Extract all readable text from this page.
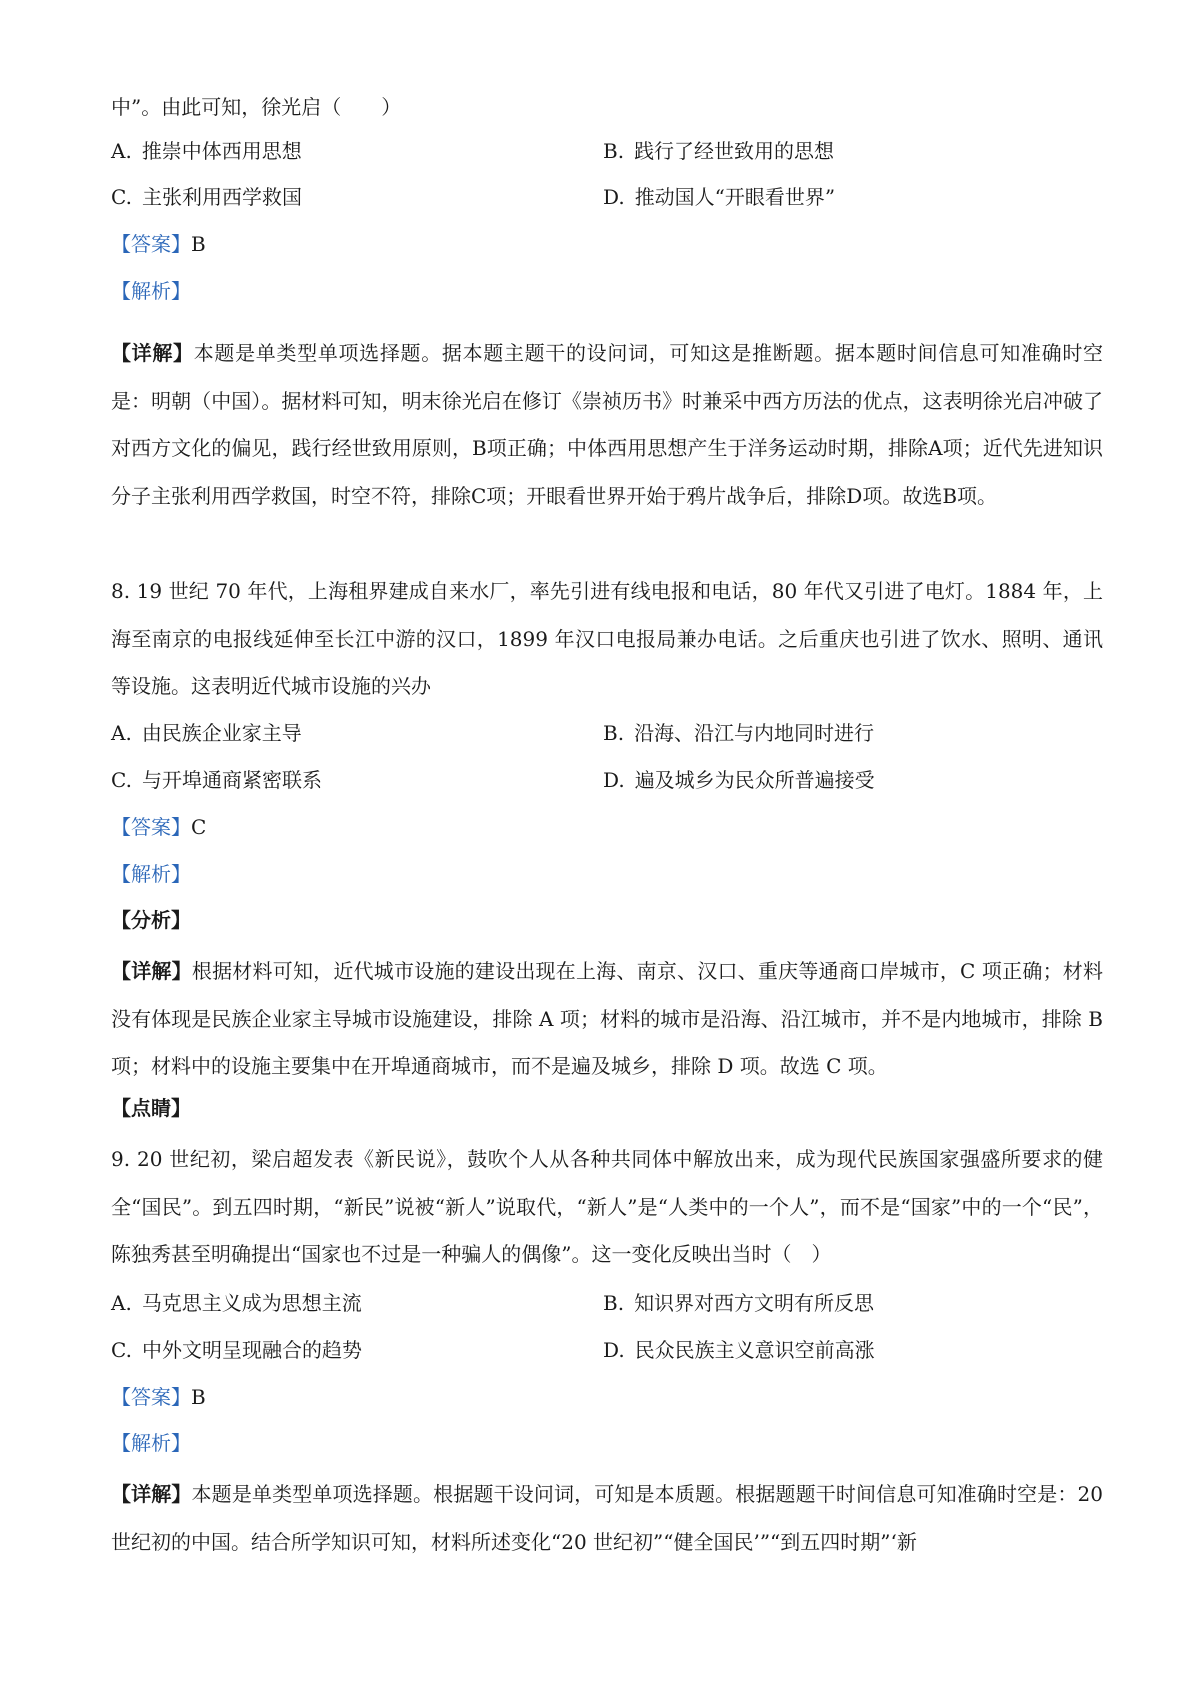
中”。由此可知，徐光启（　　）
A. 推崇中体西用思想	B. 践行了经世致用的思想
C. 主张利用西学救国	D. 推动国人“开眼看世界”
【答案】B
【解析】
【详解】本题是单类型单项选择题。据本题主题干的设问词，可知这是推断题。据本题时间信息可知准确时空是：明朝（中国）。据材料可知，明末徐光启在修订《崇祯历书》时兼采中西方历法的优点，这表明徐光启冲破了对西方文化的偏见，践行经世致用原则，B项正确；中体西用思想产生于洋务运动时期，排除A项；近代先进知识分子主张利用西学救国，时空不符，排除C项；开眼看世界开始于鸦片战争后，排除D项。故选B项。
8. 19 世纪 70 年代，上海租界建成自来水厂，率先引进有线电报和电话，80 年代又引进了电灯。1884 年，上海至南京的电报线延伸至长江中游的汉口，1899 年汉口电报局兼办电话。之后重庆也引进了饮水、照明、通讯等设施。这表明近代城市设施的兴办
A. 由民族企业家主导	B. 沿海、沿江与内地同时进行
C. 与开埠通商紧密联系	D. 遍及城乡为民众所普遍接受
【答案】C
【解析】
【分析】
【详解】根据材料可知，近代城市设施的建设出现在上海、南京、汉口、重庆等通商口岸城市，C 项正确；材料没有体现是民族企业家主导城市设施建设，排除 A 项；材料的城市是沿海、沿江城市，并不是内地城市，排除 B 项；材料中的设施主要集中在开埠通商城市，而不是遍及城乡，排除 D 项。故选 C 项。
【点睛】
9. 20 世纪初，梁启超发表《新民说》，鼓吹个人从各种共同体中解放出来，成为现代民族国家强盛所要求的健全“国民”。到五四时期，“新民”说被“新人”说取代，“新人”是“人类中的一个人”，而不是“国家”中的一个“民”，陈独秀甚至明确提出“国家也不过是一种骗人的偶像”。这一变化反映出当时（　）
A. 马克思主义成为思想主流	B. 知识界对西方文明有所反思
C. 中外文明呈现融合的趋势	D. 民众民族主义意识空前高涨
【答案】B
【解析】
【详解】本题是单类型单项选择题。根据题干设问词，可知是本质题。根据题题干时间信息可知准确时空是：20 世纪初的中国。结合所学知识可知，材料所述变化“20 世纪初”“健全国民’”“到五四时期”‘新
